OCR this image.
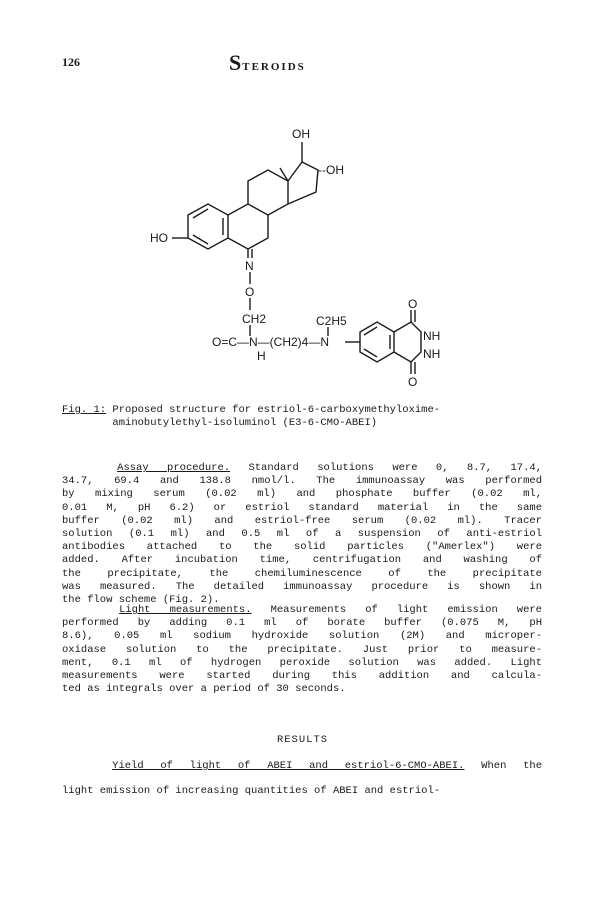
126	STEROIDS
OH
--OH
HO
N
O
CH2	C2H5
O=C—N—(CH2)4—N
H
O
NH
NH
O
Fig. 1: Proposed structure for estriol-6-carboxymethyloxime-
aminobutylethyl-isoluminol (E3-6-CMO-ABEI)
Assay procedure. Standard solutions were 0, 8.7, 17.4,
34.7, 69.4 and 138.8 nmol/l. The immunoassay was performed
by mixing serum (0.02 ml) and phosphate buffer (0.02 ml,
0.01 M, pH 6.2) or estriol standard material in the same
buffer (0.02 ml) and estriol-free serum (0.02 ml). Tracer
solution (0.1 ml) and 0.5 ml of a suspension of anti-estriol
antibodies attached to the solid particles ("Amerlex") were
added. After incubation time, centrifugation and washing of
the precipitate, the chemiluminescence of the precipitate
was measured. The detailed immunoassay procedure is shown in
the flow scheme (Fig. 2).
Light measurements. Measurements of light emission were
performed by adding 0.1 ml of borate buffer (0.075 M, pH
8.6), 0.05 ml sodium hydroxide solution (2M) and microper-
oxidase solution to the precipitate. Just prior to measure-
ment, 0.1 ml of hydrogen peroxide solution was added. Light
measurements were started during this addition and calcula-
ted as integrals over a period of 30 seconds.
RESULTS
Yield of light of ABEI and estriol-6-CMO-ABEI. When the
light emission of increasing quantities of ABEI and estriol-
